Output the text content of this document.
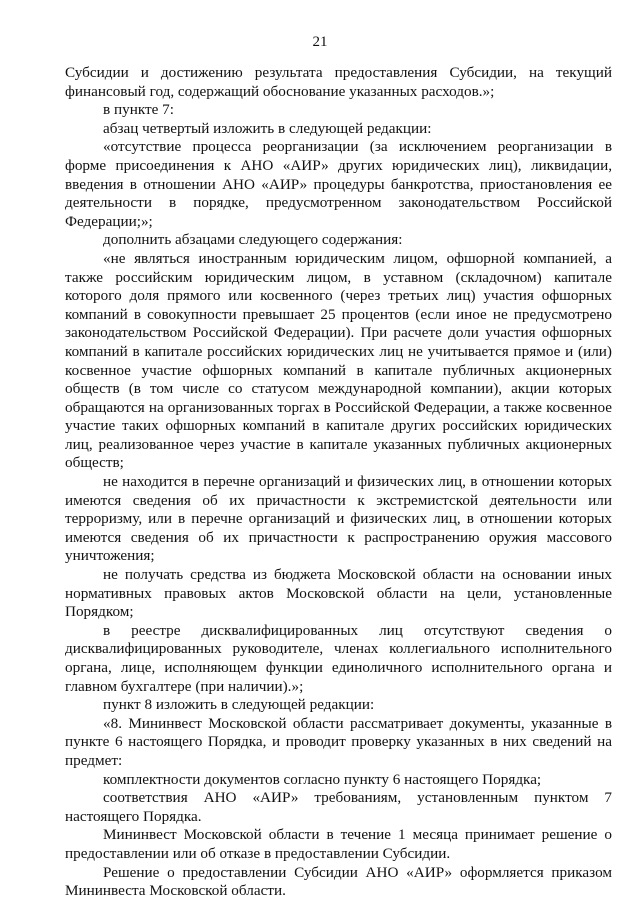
21

Субсидии и достижению результата предоставления Субсидии, на текущий финансовый год, содержащий обоснование указанных расходов.»;

в пункте 7:

абзац четвертый изложить в следующей редакции:

«отсутствие процесса реорганизации (за исключением реорганизации в форме присоединения к АНО «АИР» других юридических лиц), ликвидации, введения в отношении АНО «АИР» процедуры банкротства, приостановления ее деятельности в порядке, предусмотренном законодательством Российской Федерации;»;

дополнить абзацами следующего содержания:

«не являться иностранным юридическим лицом, офшорной компанией, а также российским юридическим лицом, в уставном (складочном) капитале которого доля прямого или косвенного (через третьих лиц) участия офшорных компаний в совокупности превышает 25 процентов (если иное не предусмотрено законодательством Российской Федерации). При расчете доли участия офшорных компаний в капитале российских юридических лиц не учитывается прямое и (или) косвенное участие офшорных компаний в капитале публичных акционерных обществ (в том числе со статусом международной компании), акции которых обращаются на организованных торгах в Российской Федерации, а также косвенное участие таких офшорных компаний в капитале других российских юридических лиц, реализованное через участие в капитале указанных публичных акционерных обществ;

не находится в перечне организаций и физических лиц, в отношении которых имеются сведения об их причастности к экстремистской деятельности или терроризму, или в перечне организаций и физических лиц, в отношении которых имеются сведения об их причастности к распространению оружия массового уничтожения;

не получать средства из бюджета Московской области на основании иных нормативных правовых актов Московской области на цели, установленные Порядком;

в реестре дисквалифицированных лиц отсутствуют сведения о дисквалифицированных руководителе, членах коллегиального исполнительного органа, лице, исполняющем функции единоличного исполнительного органа и главном бухгалтере (при наличии).»;

пункт 8 изложить в следующей редакции:

«8. Мининвест Московской области рассматривает документы, указанные в пункте 6 настоящего Порядка, и проводит проверку указанных в них сведений на предмет:

комплектности документов согласно пункту 6 настоящего Порядка;

соответствия АНО «АИР» требованиям, установленным пунктом 7 настоящего Порядка.

Мининвест Московской области в течение 1 месяца принимает решение о предоставлении или об отказе в предоставлении Субсидии.

Решение о предоставлении Субсидии АНО «АИР» оформляется приказом Мининвеста Московской области.
